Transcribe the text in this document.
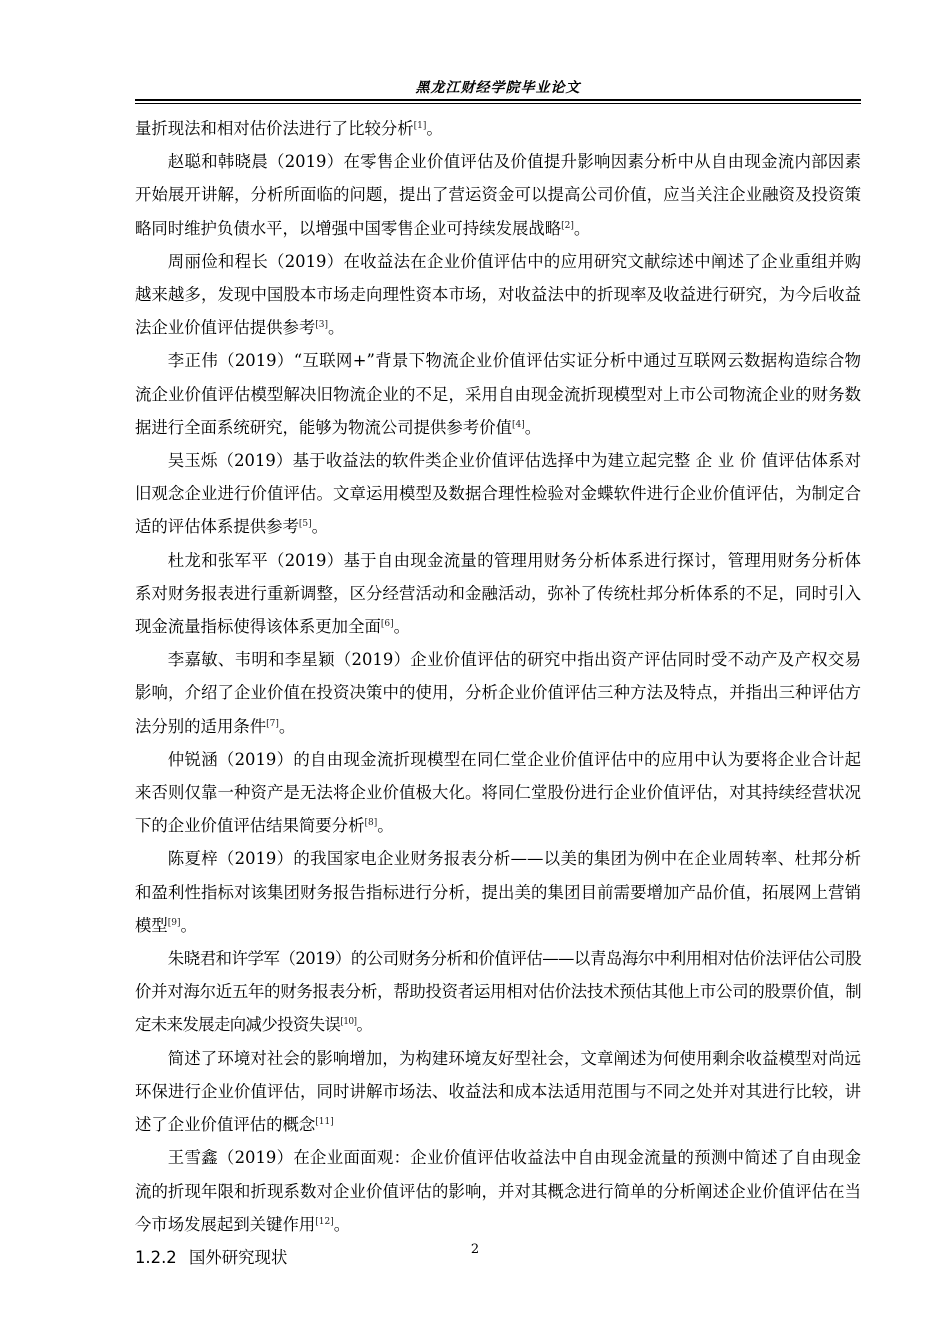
黑龙江财经学院毕业论文

量折现法和相对估价法进行了比较分析[1]。

赵聪和韩晓晨（2019）在零售企业价值评估及价值提升影响因素分析中从自由现金流内部因素开始展开讲解，分析所面临的问题，提出了营运资金可以提高公司价值，应当关注企业融资及投资策略同时维护负债水平，以增强中国零售企业可持续发展战略[2]。

周丽俭和程长（2019）在收益法在企业价值评估中的应用研究文献综述中阐述了企业重组并购越来越多，发现中国股本市场走向理性资本市场，对收益法中的折现率及收益进行研究，为今后收益法企业价值评估提供参考[3]。

李正伟（2019）“互联网+”背景下物流企业价值评估实证分析中通过互联网云数据构造综合物流企业价值评估模型解决旧物流企业的不足，采用自由现金流折现模型对上市公司物流企业的财务数据进行全面系统研究，能够为物流公司提供参考价值[4]。

吴玉烁（2019）基于收益法的软件类企业价值评估选择中为建立起完整 企 业 价 值评估体系对旧观念企业进行价值评估。文章运用模型及数据合理性检验对金蝶软件进行企业价值评估，为制定合适的评估体系提供参考[5]。

杜龙和张军平（2019）基于自由现金流量的管理用财务分析体系进行探讨，管理用财务分析体系对财务报表进行重新调整，区分经营活动和金融活动，弥补了传统杜邦分析体系的不足，同时引入现金流量指标使得该体系更加全面[6]。

李嘉敏、韦明和李星颖（2019）企业价值评估的研究中指出资产评估同时受不动产及产权交易影响，介绍了企业价值在投资决策中的使用，分析企业价值评估三种方法及特点，并指出三种评估方法分别的适用条件[7]。

仲锐涵（2019）的自由现金流折现模型在同仁堂企业价值评估中的应用中认为要将企业合计起来否则仅靠一种资产是无法将企业价值极大化。将同仁堂股份进行企业价值评估，对其持续经营状况下的企业价值评估结果简要分析[8]。

陈夏梓（2019）的我国家电企业财务报表分析——以美的集团为例中在企业周转率、杜邦分析和盈利性指标对该集团财务报告指标进行分析，提出美的集团目前需要增加产品价值，拓展网上营销模型[9]。

朱晓君和许学军（2019）的公司财务分析和价值评估——以青岛海尔中利用相对估价法评估公司股价并对海尔近五年的财务报表分析，帮助投资者运用相对估价法技术预估其他上市公司的股票价值，制定未来发展走向减少投资失误[10]。

简述了环境对社会的影响增加，为构建环境友好型社会，文章阐述为何使用剩余收益模型对尚远环保进行企业价值评估，同时讲解市场法、收益法和成本法适用范围与不同之处并对其进行比较，讲述了企业价值评估的概念[11]

王雪鑫（2019）在企业面面观：企业价值评估收益法中自由现金流量的预测中简述了自由现金流的折现年限和折现系数对企业价值评估的影响，并对其概念进行简单的分析阐述企业价值评估在当今市场发展起到关键作用[12]。

1.2.2 国外研究现状	2
